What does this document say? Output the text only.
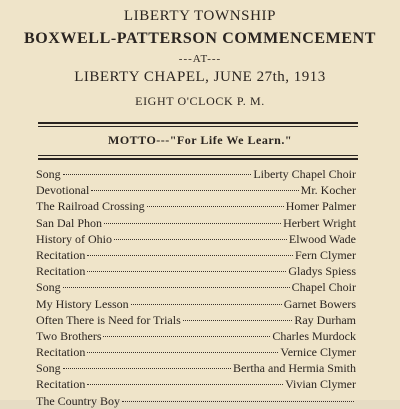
LIBERTY TOWNSHIP
BOXWELL-PATTERSON COMMENCEMENT
---AT---
LIBERTY CHAPEL, JUNE 27th, 1913
EIGHT O'CLOCK P. M.
MOTTO---"For Life We Learn."
Song	Liberty Chapel Choir
Devotional	Mr. Kocher
The Railroad Crossing	Homer Palmer
San Dal Phon	Herbert Wright
History of Ohio	Elwood Wade
Recitation	Fern Clymer
Recitation	Gladys Spiess
Song	Chapel Choir
My History Lesson	Garnet Bowers
Often There is Need for Trials	Ray Durham
Two Brothers	Charles Murdock
Recitation	Vernice Clymer
Song	Bertha and Hermia Smith
Recitation	Vivian Clymer
The Country Boy
